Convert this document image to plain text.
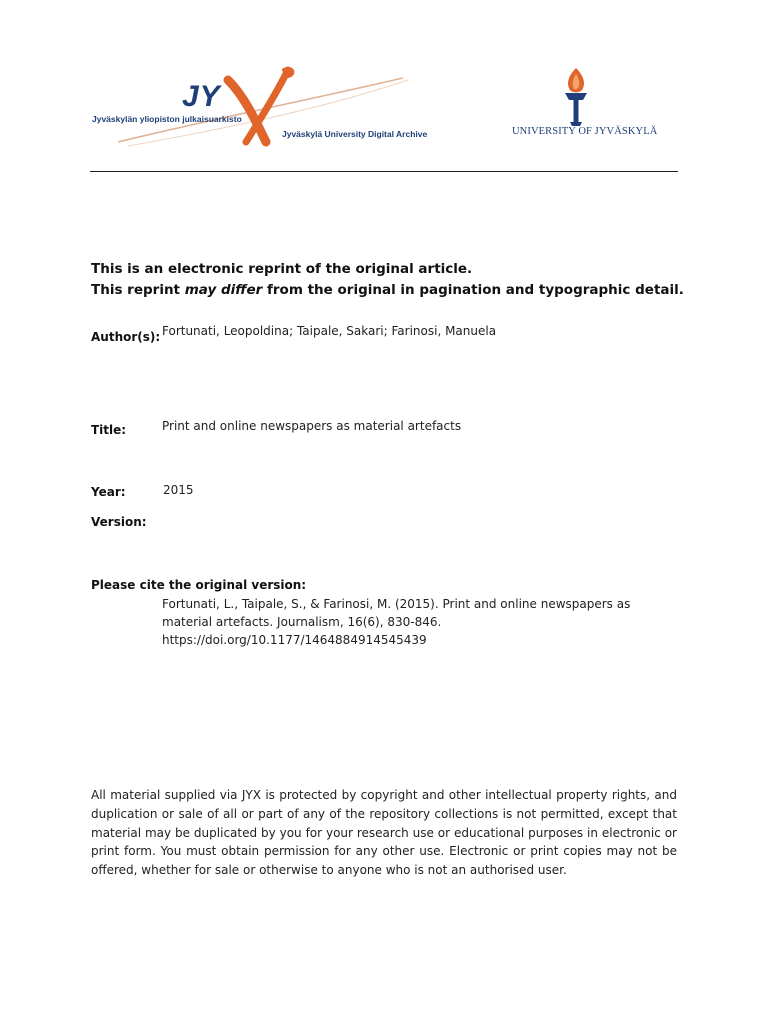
JY
Jyväskylän yliopiston julkaisuarkisto
Jyväskylä University Digital Archive	UNIVERSITY OF JYVÄSKYLÄ
This is an electronic reprint of the original article.
This reprint may differ from the original in pagination and typographic detail.
Author(s): Fortunati, Leopoldina; Taipale, Sakari; Farinosi, Manuela
Title:	Print and online newspapers as material artefacts
Year:	2015
Version:
Please cite the original version:
Fortunati, L., Taipale, S., & Farinosi, M. (2015). Print and online newspapers as
material artefacts. Journalism, 16(6), 830-846.
https://doi.org/10.1177/1464884914545439
All material supplied via JYX is protected by copyright and other intellectual property rights, and duplication or sale of all or part of any of the repository collections is not permitted, except that material may be duplicated by you for your research use or educational purposes in electronic or print form. You must obtain permission for any other use. Electronic or print copies may not be offered, whether for sale or otherwise to anyone who is not an authorised user.
